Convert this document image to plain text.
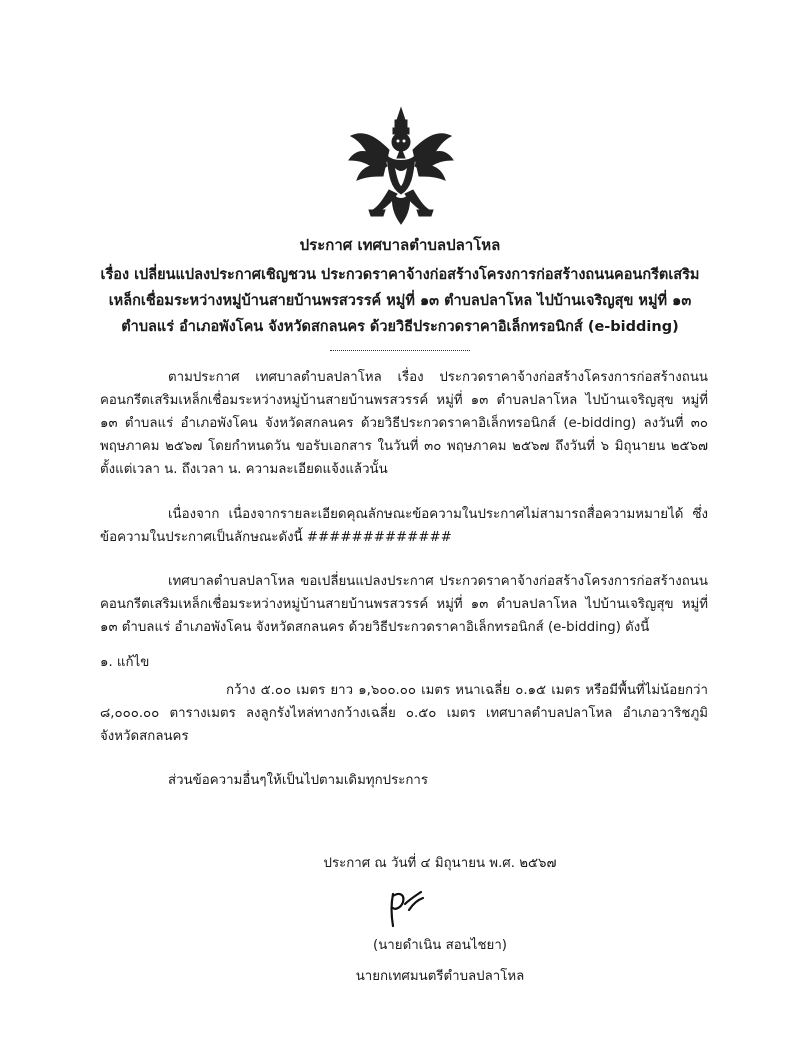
ประกาศ เทศบาลตำบลปลาโหล
เรื่อง เปลี่ยนแปลงประกาศเชิญชวน ประกวดราคาจ้างก่อสร้างโครงการก่อสร้างถนนคอนกรีตเสริม
เหล็กเชื่อมระหว่างหมู่บ้านสายบ้านพรสวรรค์ หมู่ที่ ๑๓ ตำบลปลาโหล ไปบ้านเจริญสุข หมู่ที่ ๑๓
ตำบลแร่ อำเภอพังโคน จังหวัดสกลนคร ด้วยวิธีประกวดราคาอิเล็กทรอนิกส์ (e-bidding)
ตามประกาศ เทศบาลตำบลปลาโหล เรื่อง ประกวดราคาจ้างก่อสร้างโครงการก่อสร้างถนนคอนกรีตเสริมเหล็กเชื่อมระหว่างหมู่บ้านสายบ้านพรสวรรค์ หมู่ที่ ๑๓ ตำบลปลาโหล ไปบ้านเจริญสุข หมู่ที่ ๑๓ ตำบลแร่ อำเภอพังโคน จังหวัดสกลนคร ด้วยวิธีประกวดราคาอิเล็กทรอนิกส์ (e-bidding) ลงวันที่ ๓๐ พฤษภาคม ๒๕๖๗ โดยกำหนดวัน ขอรับเอกสาร ในวันที่ ๓๐ พฤษภาคม ๒๕๖๗ ถึงวันที่ ๖ มิถุนายน ๒๕๖๗ ตั้งแต่เวลา น. ถึงเวลา น. ความละเอียดแจ้งแล้วนั้น
เนื่องจาก เนื่องจากรายละเอียดคุณลักษณะข้อความในประกาศไม่สามารถสื่อความหมายได้ ซึ่งข้อความในประกาศเป็นลักษณะดังนี้ #############
เทศบาลตำบลปลาโหล ขอเปลี่ยนแปลงประกาศ ประกวดราคาจ้างก่อสร้างโครงการก่อสร้างถนนคอนกรีตเสริมเหล็กเชื่อมระหว่างหมู่บ้านสายบ้านพรสวรรค์ หมู่ที่ ๑๓ ตำบลปลาโหล ไปบ้านเจริญสุข หมู่ที่ ๑๓ ตำบลแร่ อำเภอพังโคน จังหวัดสกลนคร ด้วยวิธีประกวดราคาอิเล็กทรอนิกส์ (e-bidding) ดังนี้
๑. แก้ไข
กว้าง ๕.๐๐ เมตร ยาว ๑,๖๐๐.๐๐ เมตร หนาเฉลี่ย ๐.๑๕ เมตร หรือมีพื้นที่ไม่น้อยกว่า ๘,๐๐๐.๐๐ ตารางเมตร ลงลูกรังไหล่ทางกว้างเฉลี่ย ๐.๕๐ เมตร เทศบาลตำบลปลาโหล อำเภอวาริชภูมิ จังหวัดสกลนคร
ส่วนข้อความอื่นๆให้เป็นไปตามเดิมทุกประการ
ประกาศ ณ วันที่ ๔ มิถุนายน พ.ศ. ๒๕๖๗
(นายดำเนิน สอนไชยา)
นายกเทศมนตรีตำบลปลาโหล
